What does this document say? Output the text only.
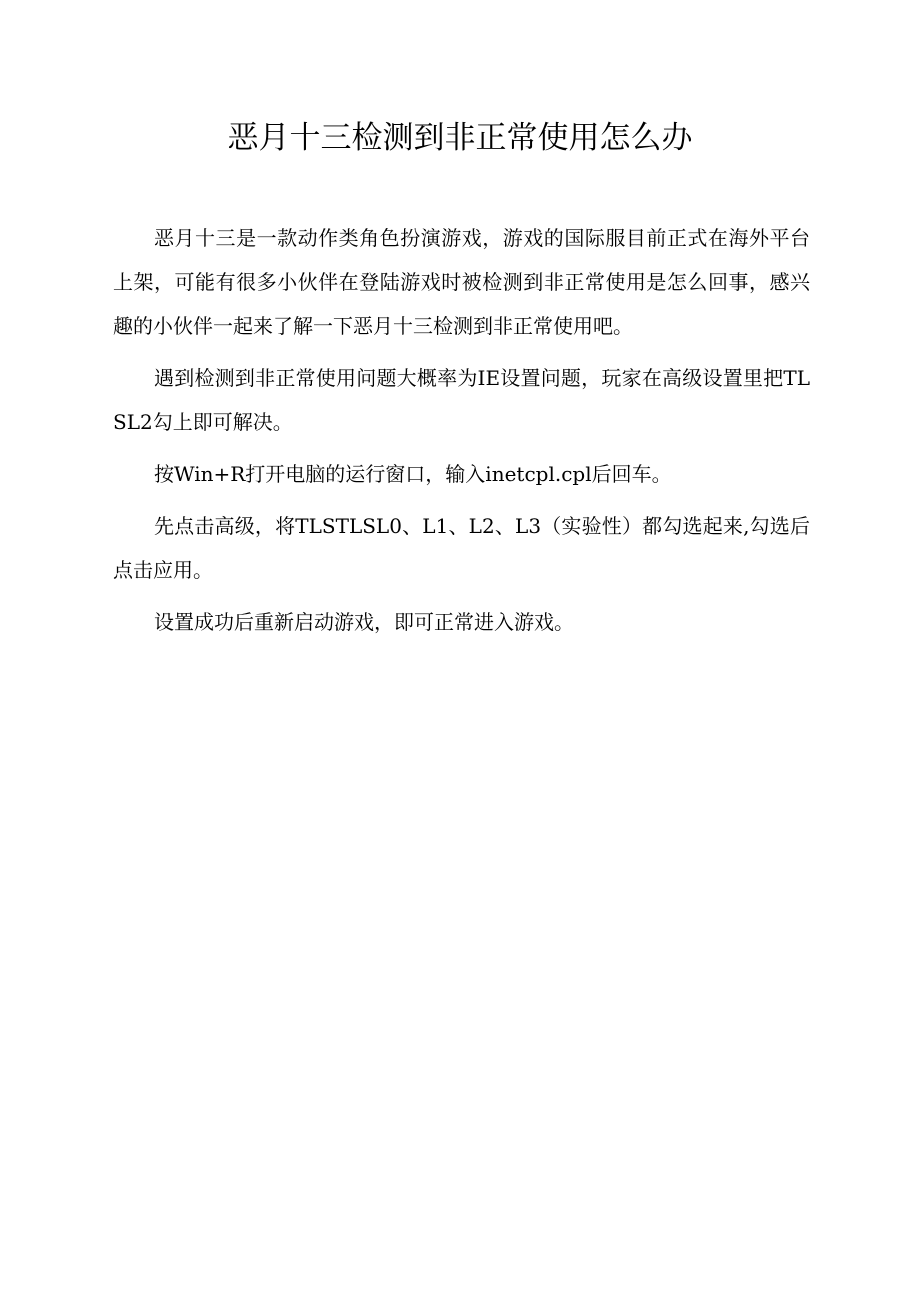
恶月十三检测到非正常使用怎么办

恶月十三是一款动作类角色扮演游戏，游戏的国际服目前正式在海外平台上架，可能有很多小伙伴在登陆游戏时被检测到非正常使用是怎么回事，感兴趣的小伙伴一起来了解一下恶月十三检测到非正常使用吧。

遇到检测到非正常使用问题大概率为IE设置问题，玩家在高级设置里把TLSL2勾上即可解决。

按Win+R打开电脑的运行窗口，输入inetcpl.cpl后回车。

先点击高级，将TLSTLSL0、L1、L2、L3（实验性）都勾选起来,勾选后点击应用。

设置成功后重新启动游戏，即可正常进入游戏。
